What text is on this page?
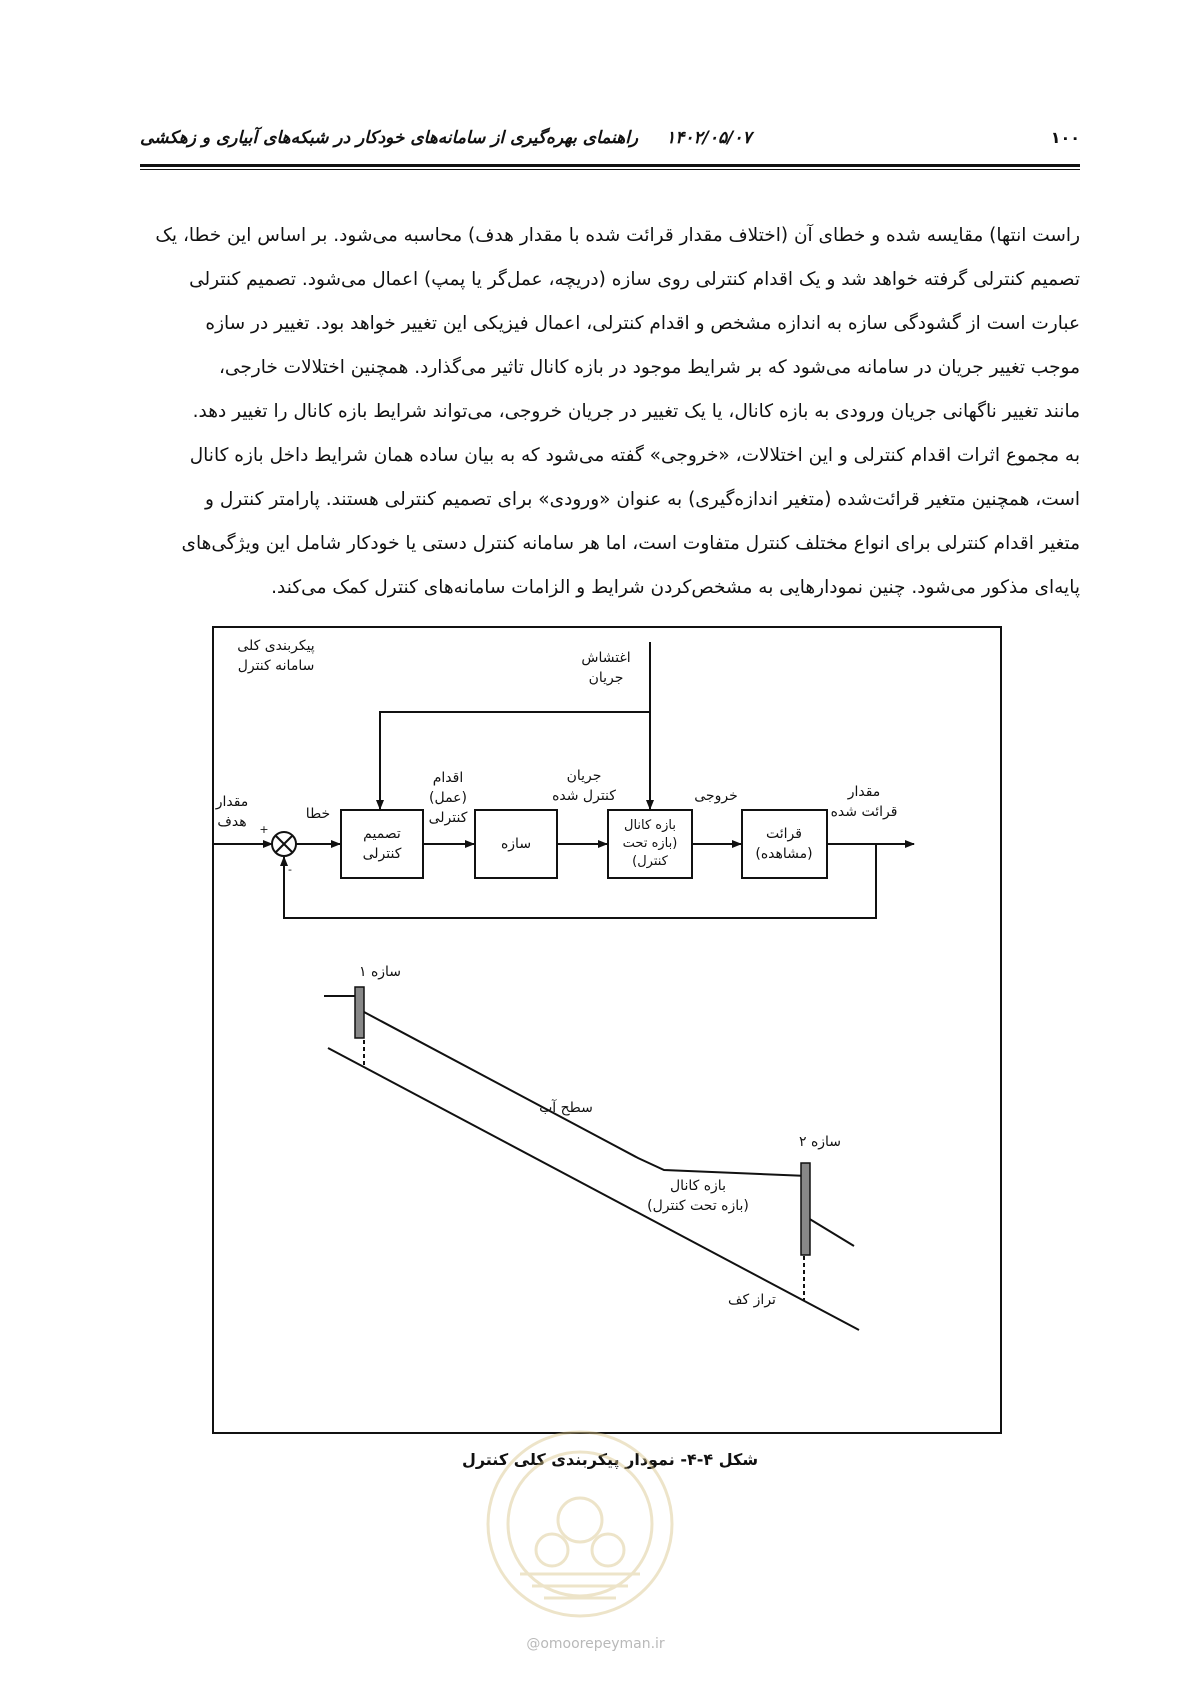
۱۰۰
۱۴۰۲/۰۵/۰۷راهنمای بهره‌گیری از سامانه‌های خودکار در شبکه‌های آبیاری و زهکشی

راست انتها) مقایسه شده و خطای آن (اختلاف مقدار قرائت شده با مقدار هدف) محاسبه می‌شود. بر اساس این خطا، یک

تصمیم کنترلی گرفته خواهد شد و یک اقدام کنترلی روی سازه (دریچه، عمل‌گر یا پمپ) اعمال می‌شود. تصمیم کنترلی

عبارت است از گشودگی سازه به اندازه مشخص و اقدام کنترلی، اعمال فیزیکی این تغییر خواهد بود. تغییر در سازه

موجب تغییر جریان در سامانه می‌شود که بر شرایط موجود در بازه کانال تاثیر می‌گذارد. همچنین اختلالات خارجی،

مانند تغییر ناگهانی جریان ورودی به بازه کانال، یا یک تغییر در جریان خروجی، می‌تواند شرایط بازه کانال را تغییر دهد.

به مجموع اثرات اقدام کنترلی و این اختلالات، «خروجی» گفته می‌شود که به بیان ساده همان شرایط داخل بازه کانال

است، همچنین متغیر قرائت‌شده (متغیر اندازه‌گیری) به عنوان «ورودی» برای تصمیم کنترلی هستند. پارامتر کنترل و

متغیر اقدام کنترلی برای انواع مختلف کنترل متفاوت است، اما هر سامانه کنترل دستی یا خودکار شامل این ویژگی‌های

پایه‌ای مذکور می‌شود. چنین نمودارهایی به مشخص‌کردن شرایط و الزامات سامانه‌های کنترل کمک می‌کند.

پیکربندی کلی
سامانه کنترل	اغتشاش
جریان
مقدار
هدف +
-
خطا
تصمیم
کنترلی
اقدام
(عمل)
کنترلی
سازه
جریان
کنترل شده
بازه کانال
(بازه تحت
کنترل)
خروجی
قرائت
(مشاهده)
مقدار
قرائت شده
سازه ۱
سطح آب
سازه ۲
بازه کانال
(بازه تحت کنترل)
تراز کف
شکل ۴-۴- نمودار پیکربندی کلی کنترل
@omoorepeyman.ir
